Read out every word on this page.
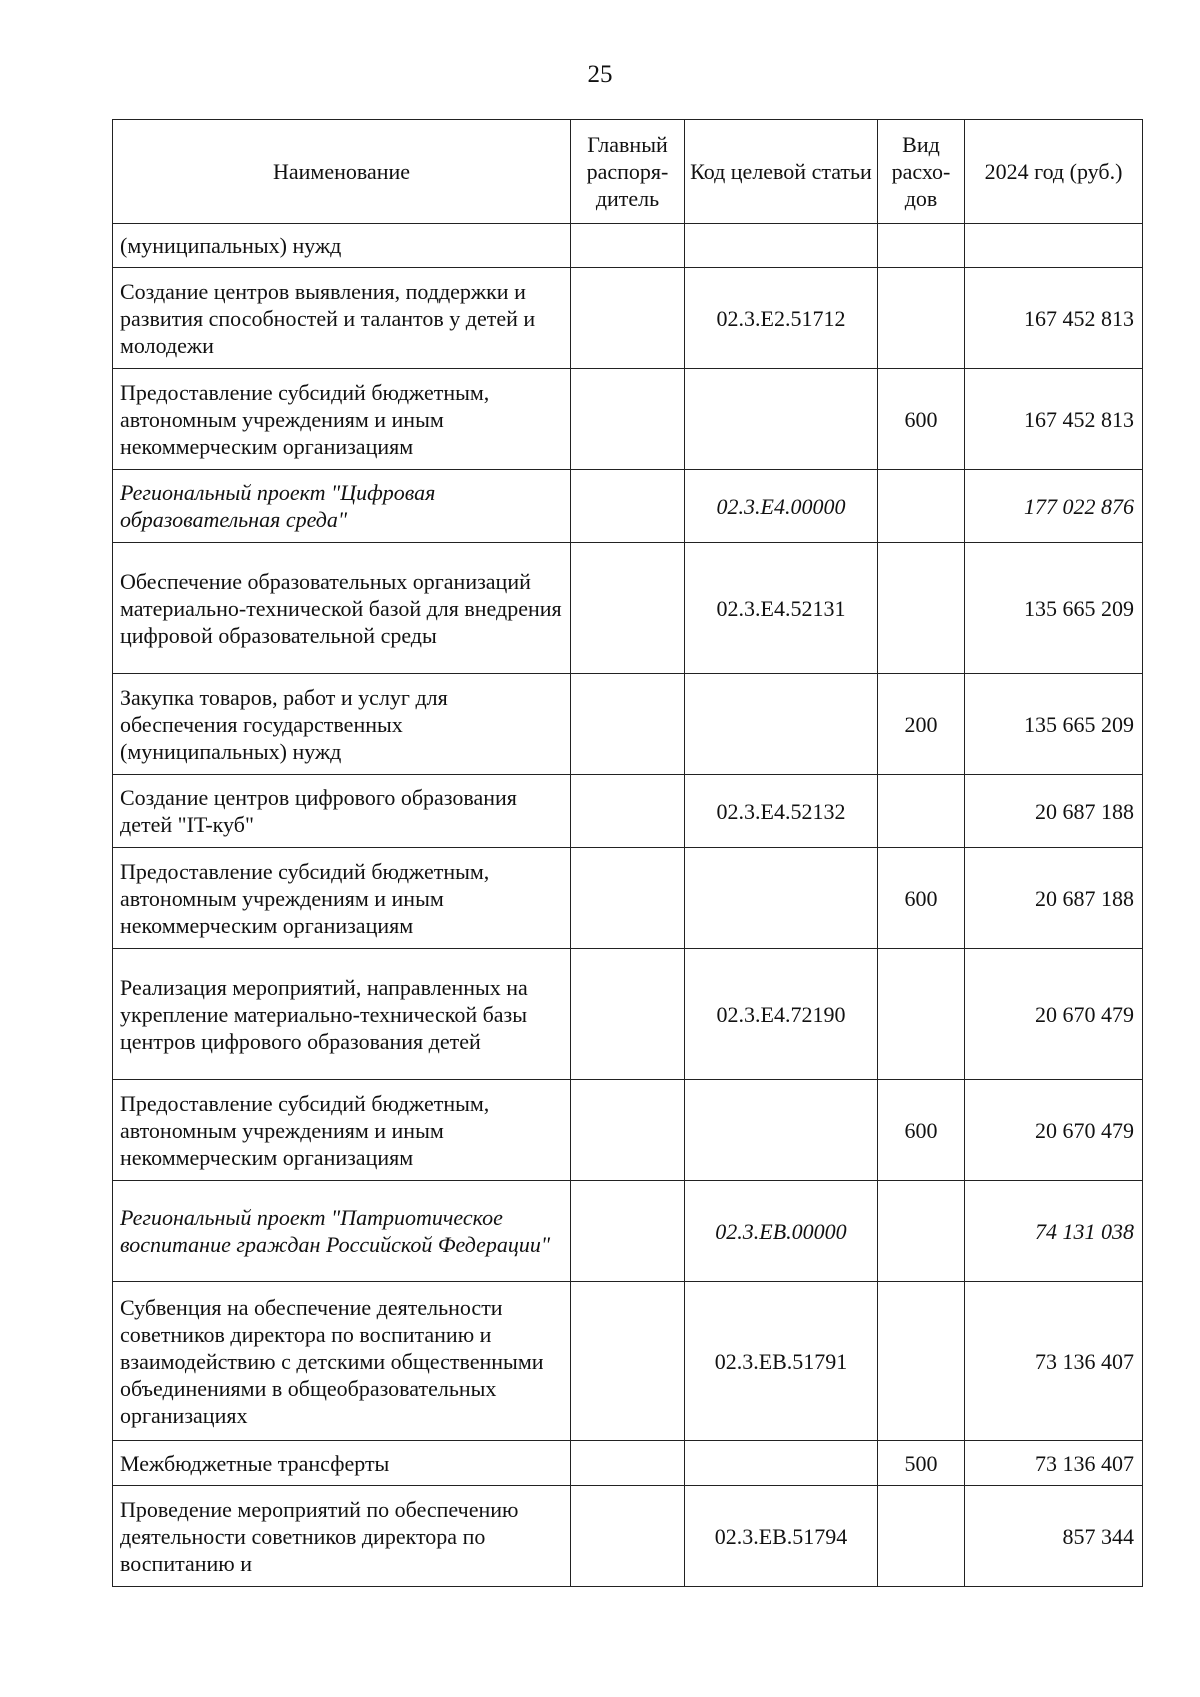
25
Наименование	Главный распоря-дитель	Код целевой статьи	Вид расхо-дов	2024 год (руб.)
(муниципальных) нужд				
Создание центров выявления, поддержки и развития способностей и талантов у детей и молодежи		02.3.E2.51712		167 452 813
Предоставление субсидий бюджетным, автономным учреждениям и иным некоммерческим организациям			600	167 452 813
Региональный проект "Цифровая образовательная среда"		02.3.E4.00000		177 022 876
Обеспечение образовательных организаций материально-технической базой для внедрения цифровой образовательной среды		02.3.E4.52131		135 665 209
Закупка товаров, работ и услуг для обеспечения государственных (муниципальных) нужд			200	135 665 209
Создание центров цифрового образования детей "IT-куб"		02.3.E4.52132		20 687 188
Предоставление субсидий бюджетным, автономным учреждениям и иным некоммерческим организациям			600	20 687 188
Реализация мероприятий, направленных на укрепление материально-технической базы центров цифрового образования детей		02.3.E4.72190		20 670 479
Предоставление субсидий бюджетным, автономным учреждениям и иным некоммерческим организациям			600	20 670 479
Региональный проект "Патриотическое воспитание граждан Российской Федерации"		02.3.EB.00000		74 131 038
Субвенция на обеспечение деятельности советников директора по воспитанию и взаимодействию с детскими общественными объединениями в общеобразовательных организациях		02.3.EB.51791		73 136 407
Межбюджетные трансферты			500	73 136 407
Проведение мероприятий по обеспечению деятельности советников директора по воспитанию и		02.3.EB.51794		857 344
